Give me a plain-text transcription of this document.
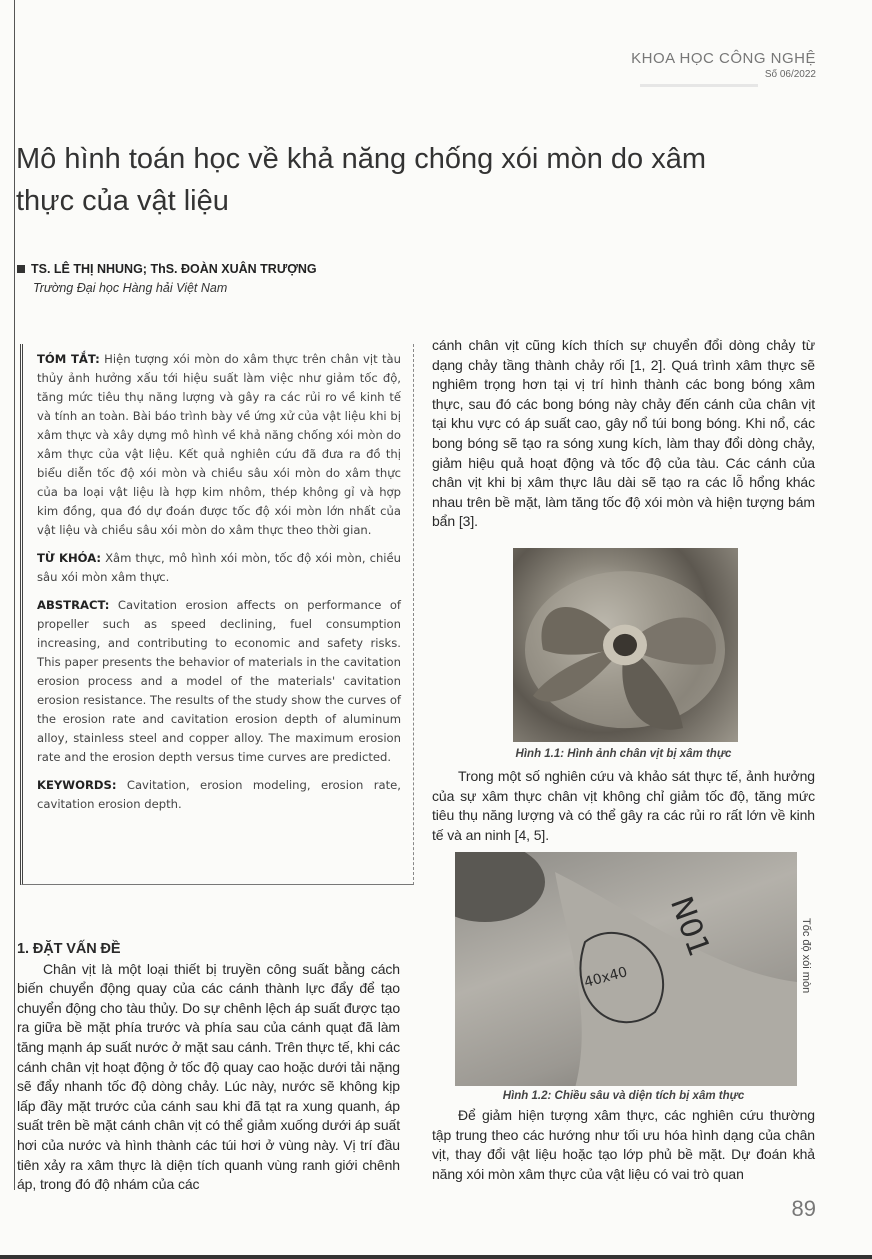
KHOA HỌC CÔNG NGHỆ
Số 06/2022
Mô hình toán học về khả năng chống xói mòn do xâm thực của vật liệu
TS. LÊ THỊ NHUNG; ThS. ĐOÀN XUÂN TRƯỢNG
Trường Đại học Hàng hải Việt Nam

TÓM TẮT: Hiện tượng xói mòn do xâm thực trên chân vịt tàu thủy ảnh hưởng xấu tới hiệu suất làm việc như giảm tốc độ, tăng mức tiêu thụ năng lượng và gây ra các rủi ro về kinh tế và tính an toàn. Bài báo trình bày về ứng xử của vật liệu khi bị xâm thực và xây dựng mô hình về khả năng chống xói mòn do xâm thực của vật liệu. Kết quả nghiên cứu đã đưa ra đồ thị biểu diễn tốc độ xói mòn và chiều sâu xói mòn do xâm thực của ba loại vật liệu là hợp kim nhôm, thép không gỉ và hợp kim đồng, qua đó dự đoán được tốc độ xói mòn lớn nhất của vật liệu và chiều sâu xói mòn do xâm thực theo thời gian.

TỪ KHÓA: Xâm thực, mô hình xói mòn, tốc độ xói mòn, chiều sâu xói mòn xâm thực.

ABSTRACT: Cavitation erosion affects on performance of propeller such as speed declining, fuel consumption increasing, and contributing to economic and safety risks. This paper presents the behavior of materials in the cavitation erosion process and a model of the materials' cavitation erosion resistance. The results of the study show the curves of the erosion rate and cavitation erosion depth of aluminum alloy, stainless steel and copper alloy. The maximum erosion rate and the erosion depth versus time curves are predicted.

KEYWORDS: Cavitation, erosion modeling, erosion rate, cavitation erosion depth.

1. ĐẶT VẤN ĐỀ

Chân vịt là một loại thiết bị truyền công suất bằng cách biến chuyển động quay của các cánh thành lực đẩy để tạo chuyển động cho tàu thủy. Do sự chênh lệch áp suất được tạo ra giữa bề mặt phía trước và phía sau của cánh quạt đã làm tăng mạnh áp suất nước ở mặt sau cánh. Trên thực tế, khi các cánh chân vịt hoạt động ở tốc độ quay cao hoặc dưới tải nặng sẽ đẩy nhanh tốc độ dòng chảy. Lúc này, nước sẽ không kịp lấp đầy mặt trước của cánh sau khi đã tạt ra xung quanh, áp suất trên bề mặt cánh chân vịt có thể giảm xuống dưới áp suất hơi của nước và hình thành các túi hơi ở vùng này. Vị trí đầu tiên xảy ra xâm thực là diện tích quanh vùng ranh giới chênh áp, trong đó độ nhám của các

cánh chân vịt cũng kích thích sự chuyển đổi dòng chảy từ dạng chảy tầng thành chảy rối [1, 2]. Quá trình xâm thực sẽ nghiêm trọng hơn tại vị trí hình thành các bong bóng xâm thực, sau đó các bong bóng này chảy đến cánh của chân vịt tại khu vực có áp suất cao, gây nổ túi bong bóng. Khi nổ, các bong bóng sẽ tạo ra sóng xung kích, làm thay đổi dòng chảy, giảm hiệu quả hoạt động và tốc độ của tàu. Các cánh của chân vịt khi bị xâm thực lâu dài sẽ tạo ra các lỗ hổng khác nhau trên bề mặt, làm tăng tốc độ xói mòn và hiện tượng bám bẩn [3].

Hình 1.1: Hình ảnh chân vịt bị xâm thực

Trong một số nghiên cứu và khảo sát thực tế, ảnh hưởng của sự xâm thực chân vịt không chỉ giảm tốc độ, tăng mức tiêu thụ năng lượng và có thể gây ra các rủi ro rất lớn về kinh tế và an ninh [4, 5].

N01
40x40	Tốc độ xói mòn
Hình 1.2: Chiều sâu và diện tích bị xâm thực

Để giảm hiện tượng xâm thực, các nghiên cứu thường tập trung theo các hướng như tối ưu hóa hình dạng của chân vịt, thay đổi vật liệu hoặc tạo lớp phủ bề mặt. Dự đoán khả năng xói mòn xâm thực của vật liệu có vai trò quan

89
